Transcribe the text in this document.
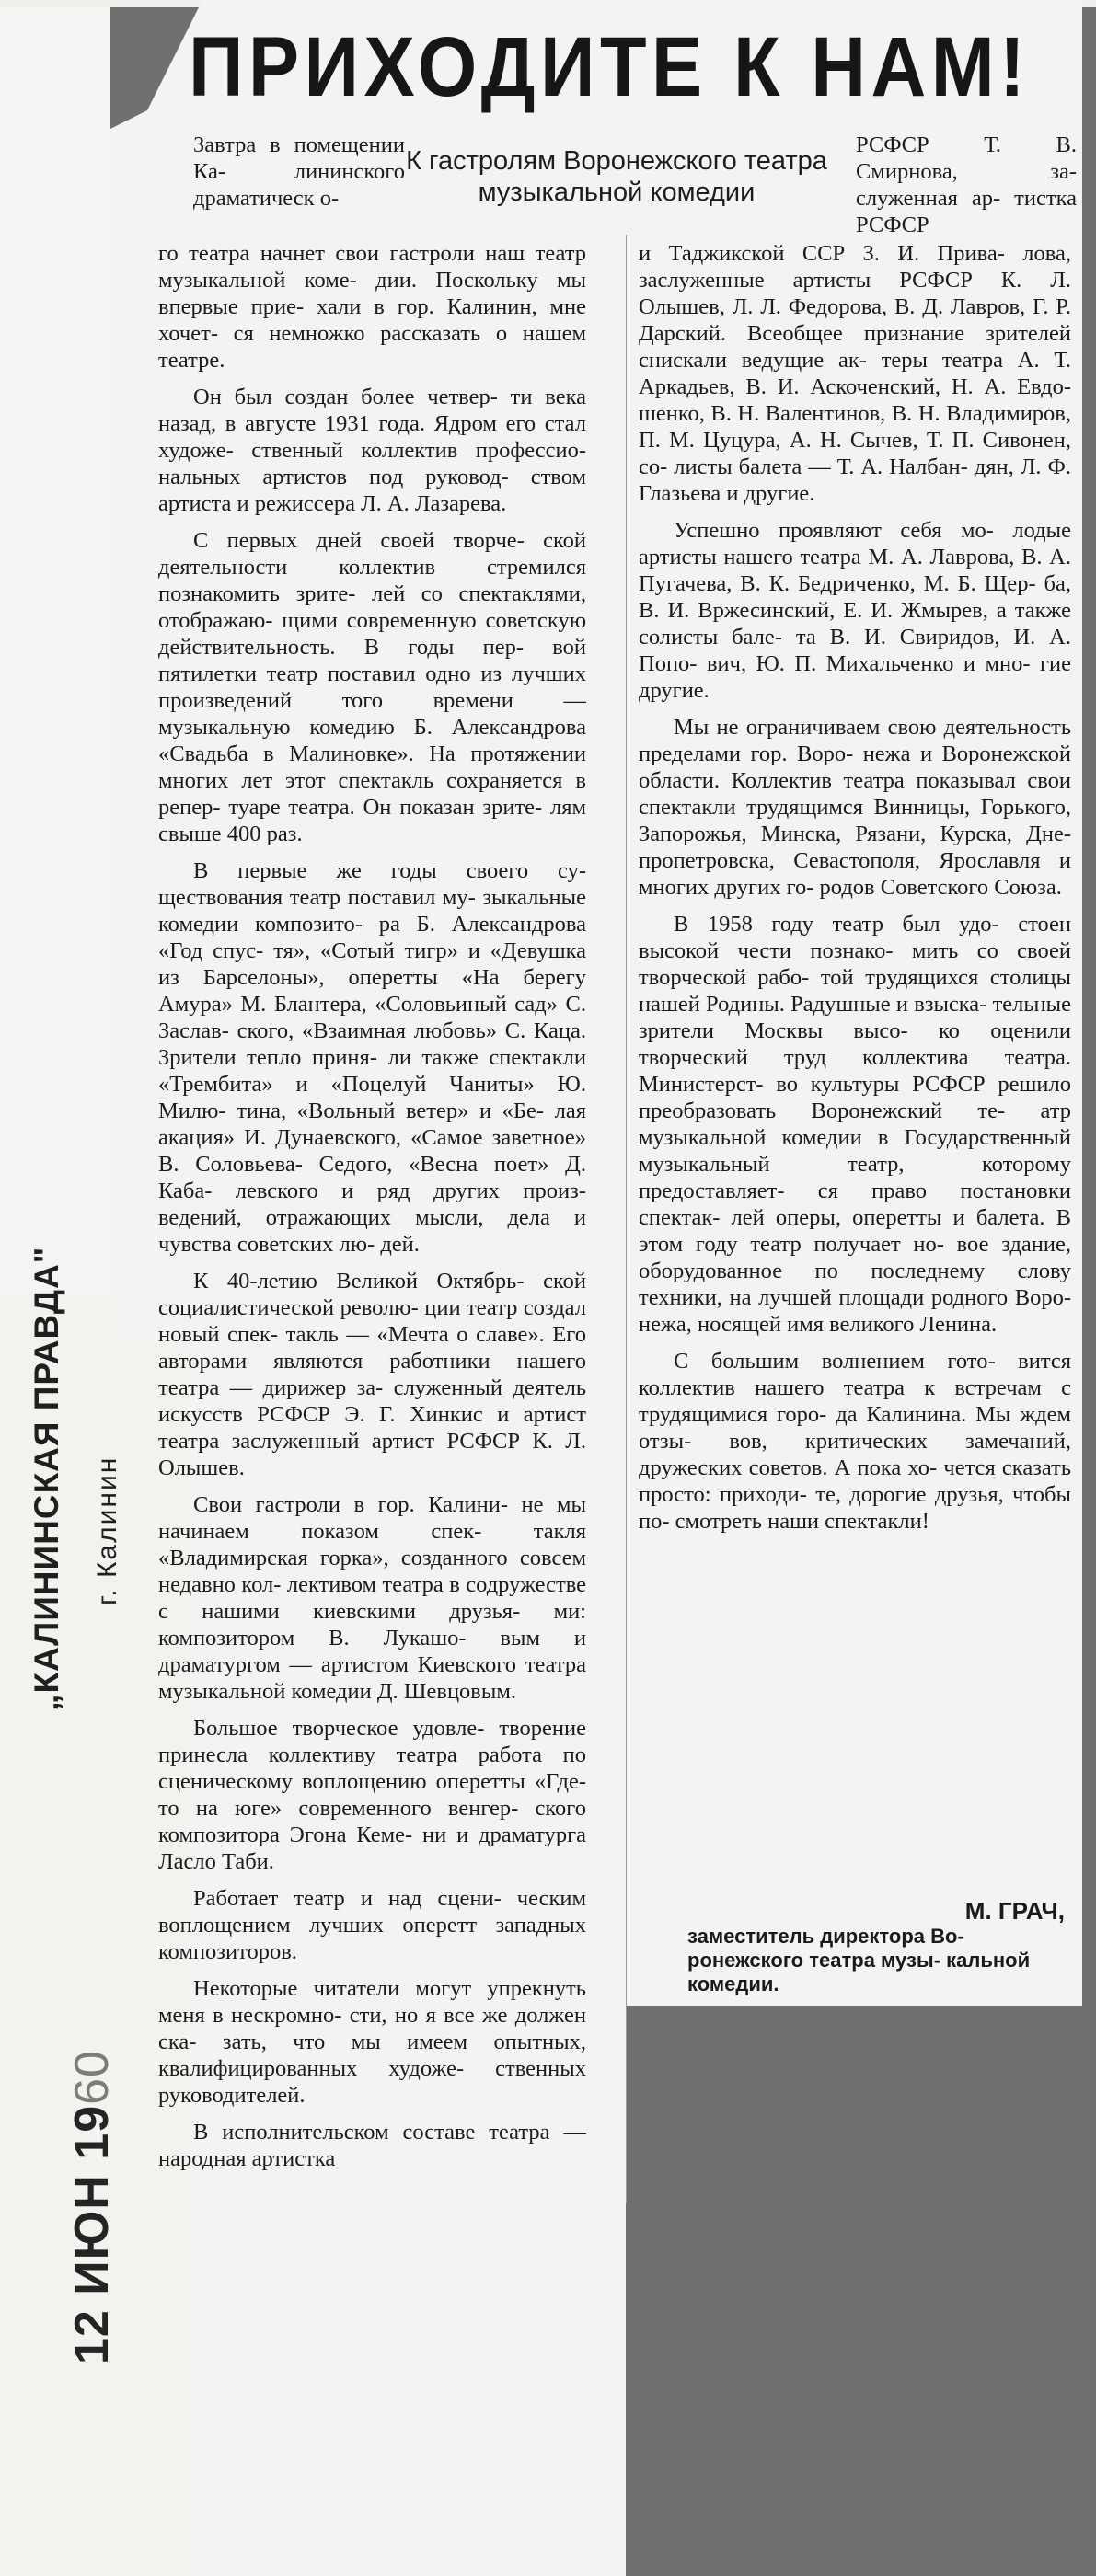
ПРИХОДИТЕ К НАМ!
К гастролям Воронежского театра музыкальной комедии

Завтра в помещении Ка- лининского драматическ о-

го театра начнет свои гастроли наш театр музыкальной коме- дии. Поскольку мы впервые прие- хали в гор. Калинин, мне хочет- ся немножко рассказать о нашем театре.

Он был создан более четвер- ти века назад, в августе 1931 года. Ядром его стал художе- ственный коллектив профессио- нальных артистов под руковод- ством артиста и режиссера Л. А. Лазарева.

С первых дней своей творче- ской деятельности коллектив стремился познакомить зрите- лей со спектаклями, отображаю- щими современную советскую действительность. В годы пер- вой пятилетки театр поставил одно из лучших произведений того времени — музыкальную комедию Б. Александрова «Свадьба в Малиновке». На протяжении многих лет этот спектакль сохраняется в репер- туаре театра. Он показан зрите- лям свыше 400 раз.

В первые же годы своего су- ществования театр поставил му- зыкальные комедии композито- ра Б. Александрова «Год спус- тя», «Сотый тигр» и «Девушка из Барселоны», оперетты «На берегу Амура» М. Блантера, «Соловьиный сад» С. Заслав- ского, «Взаимная любовь» С. Каца. Зрители тепло приня- ли также спектакли «Трембита» и «Поцелуй Чаниты» Ю. Милю- тина, «Вольный ветер» и «Бе- лая акация» И. Дунаевского, «Самое заветное» В. Соловьева- Седого, «Весна поет» Д. Каба- левского и ряд других произ- ведений, отражающих мысли, дела и чувства советских лю- дей.

К 40-летию Великой Октябрь- ской социалистической револю- ции театр создал новый спек- такль — «Мечта о славе». Его авторами являются работники нашего театра — дирижер за- служенный деятель искусств РСФСР Э. Г. Хинкис и артист театра заслуженный артист РСФСР К. Л. Олышев.

Свои гастроли в гор. Калини- не мы начинаем показом спек- такля «Владимирская горка», созданного совсем недавно кол- лективом театра в содружестве с нашими киевскими друзья- ми: композитором В. Лукашо- вым и драматургом — артистом Киевского театра музыкальной комедии Д. Шевцовым.

Большое творческое удовле- творение принесла коллективу театра работа по сценическому воплощению оперетты «Где-то на юге» современного венгер- ского композитора Эгона Кеме- ни и драматурга Ласло Таби.

Работает театр и над сцени- ческим воплощением лучших оперетт западных композиторов.

Некоторые читатели могут упрекнуть меня в нескромно- сти, но я все же должен ска- зать, что мы имеем опытных, квалифицированных художе- ственных руководителей.

В исполнительском составе театра — народная артистка

РСФСР Т. В. Смирнова, за- служенная ар- тистка РСФСР

и Таджикской ССР З. И. Прива- лова, заслуженные артисты РСФСР К. Л. Олышев, Л. Л. Федорова, В. Д. Лавров, Г. Р. Дарский. Всеобщее признание зрителей снискали ведущие ак- теры театра А. Т. Аркадьев, В. И. Аскоченский, Н. А. Евдо- шенко, В. Н. Валентинов, В. Н. Владимиров, П. М. Цуцура, А. Н. Сычев, Т. П. Сивонен, со- листы балета — Т. А. Налбан- дян, Л. Ф. Глазьева и другие.

Успешно проявляют себя мо- лодые артисты нашего театра М. А. Лаврова, В. А. Пугачева, В. К. Бедриченко, М. Б. Щер- ба, В. И. Вржесинский, Е. И. Жмырев, а также солисты бале- та В. И. Свиридов, И. А. Попо- вич, Ю. П. Михальченко и мно- гие другие.

Мы не ограничиваем свою деятельность пределами гор. Воро- нежа и Воронежской области. Коллектив театра показывал свои спектакли трудящимся Винницы, Горького, Запорожья, Минска, Рязани, Курска, Дне- пропетровска, Севастополя, Ярославля и многих других го- родов Советского Союза.

В 1958 году театр был удо- стоен высокой чести познако- мить со своей творческой рабо- той трудящихся столицы нашей Родины. Радушные и взыска- тельные зрители Москвы высо- ко оценили творческий труд коллектива театра. Министерст- во культуры РСФСР решило преобразовать Воронежский те- атр музыкальной комедии в Государственный музыкальный театр, которому предоставляет- ся право постановки спектак- лей оперы, оперетты и балета. В этом году театр получает но- вое здание, оборудованное по последнему слову техники, на лучшей площади родного Воро- нежа, носящей имя великого Ленина.

С большим волнением гото- вится коллектив нашего театра к встречам с трудящимися горо- да Калинина. Мы ждем отзы- вов, критических замечаний, дружеских советов. А пока хо- чется сказать просто: приходи- те, дорогие друзья, чтобы по- смотреть наши спектакли!

М. ГРАЧ,
заместитель директора Во- ронежского театра музы- кальной комедии.
„КАЛИНИНСКАЯ ПРАВДА" г. Калинин
12 ИЮН 1960
